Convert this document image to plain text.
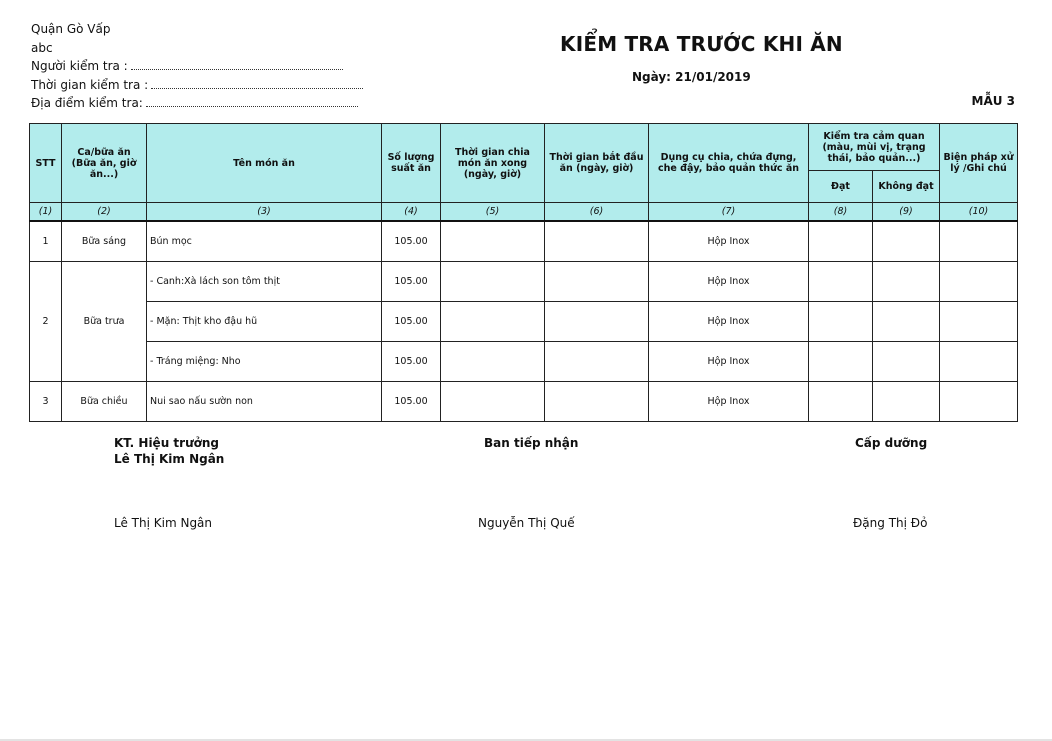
Quận Gò Vấp
abc
Người kiểm tra :
Thời gian kiểm tra :
Địa điểm kiểm tra:
KIỂM TRA TRƯỚC KHI ĂN
Ngày: 21/01/2019
MẪU 3
STT	Ca/bữa ăn (Bữa ăn, giờ ăn...)	Tên món ăn	Số lượng suất ăn	Thời gian chia món ăn xong (ngày, giờ)	Thời gian bắt đầu ăn (ngày, giờ)	Dụng cụ chia, chứa đựng, che đậy, bảo quản thức ăn	Kiểm tra cảm quan (màu, mùi vị, trạng thái, bảo quản...)		Biện pháp xử lý /Ghi chú
							Đạt	Không đạt	
(1)	(2)	(3)	(4)	(5)	(6)	(7)	(8)	(9)	(10)
1	Bữa sáng	Bún mọc	105.00			Hộp Inox			
2	Bữa trưa	- Canh:Xà lách son tôm thịt	105.00			Hộp Inox			
		- Mặn: Thịt kho đậu hũ	105.00			Hộp Inox			
		- Tráng miệng: Nho	105.00			Hộp Inox			
3	Bữa chiều	Nui sao nấu sườn non	105.00			Hộp Inox			
KT. Hiệu trưởng
Lê Thị Kim Ngân
Lê Thị Kim Ngân
Ban tiếp nhận
Nguyễn Thị Quế
Cấp dưỡng
Đặng Thị Đỏ
